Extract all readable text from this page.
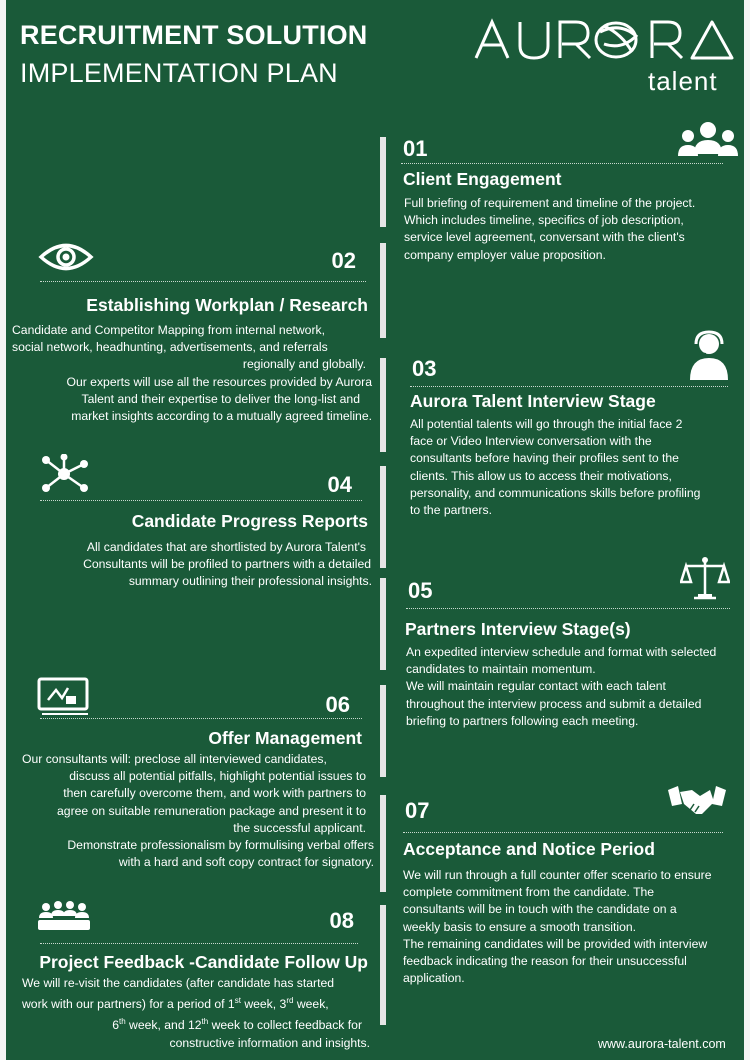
RECRUITMENT SOLUTION
IMPLEMENTATION PLAN	talent
01
Client Engagement

Full briefing of requirement and timeline of the project.

Which includes timeline, specifics of job description,

service level agreement, conversant with the client's

company employer value proposition.

02
Establishing Workplan / Research

Candidate and Competitor Mapping from internal network,

social network, headhunting, advertisements, and referrals

regionally and globally.

Our experts will use all the resources provided by Aurora

Talent and their expertise to deliver the long-list and

market insights according to a mutually agreed timeline.

03
Aurora Talent Interview Stage

All potential talents will go through the initial face 2

face or Video Interview conversation with the

consultants before having their profiles sent to the

clients. This allow us to access their motivations,

personality, and communications skills before profiling

to the partners.

04
Candidate Progress Reports

All candidates that are shortlisted by Aurora Talent's

Consultants will be profiled to partners with a detailed

summary outlining their professional insights. 05
Partners Interview Stage(s)

An expedited interview schedule and format with selected

candidates to maintain momentum.

We will maintain regular contact with each talent

throughout the interview process and submit a detailed

briefing to partners following each meeting.

06
Offer Management

Our consultants will: preclose all interviewed candidates,

discuss all potential pitfalls, highlight potential issues to

then carefully overcome them, and work with partners to

agree on suitable remuneration package and present it to

the successful applicant.

Demonstrate professionalism by formulising verbal offers

with a hard and soft copy contract for signatory.

07
Acceptance and Notice Period

We will run through a full counter offer scenario to ensure

complete commitment from the candidate. The

consultants will be in touch with the candidate on a

weekly basis to ensure a smooth transition.

The remaining candidates will be provided with interview

feedback indicating the reason for their unsuccessful

application.

08
Project Feedback -Candidate Follow Up

We will re-visit the candidates (after candidate has started

work with our partners) for a period of 1st week, 3rd week,

6th week, and 12th week to collect feedback for

constructive information and insights.	www.aurora-talent.com
